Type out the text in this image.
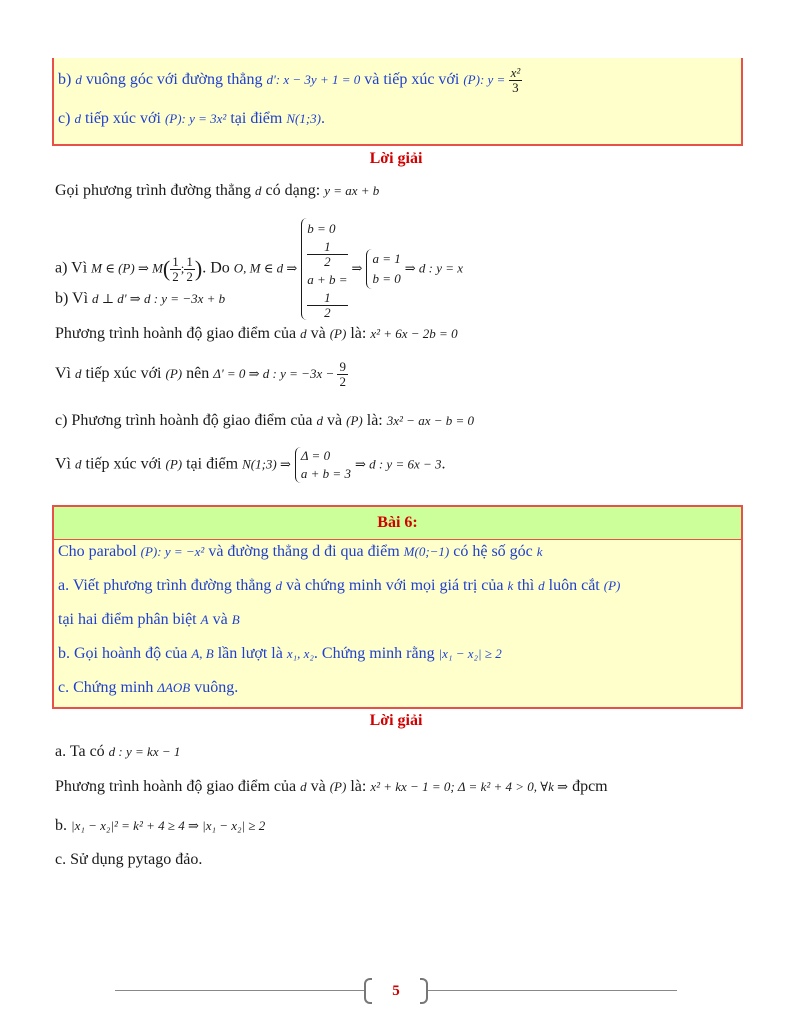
b) d vuông góc với đường thẳng d': x − 3y + 1 = 0 và tiếp xúc với (P): $y = \frac{\text{x²}}{3}$
c) d tiếp xúc với (P): y = 3x² tại điểm N(1;3).
Lời giải
Gọi phương trình đường thẳng d có dạng: y = ax + b
a) Vì M ∈ (P) ⇒ $M( \frac{1}{2}$ ; $\frac{1}{2}$ ). Do O, M ∈ d ⇒
b = 0
1
2
a + b =
1
2
⇒
a = 1
b = 0
⇒ d : y = x
b) Vì d ⊥ d' ⇒ d : y = −3x + b
Phương trình hoành độ giao điểm của d và (P) là: x² + 6x − 2b = 0
Vì d tiếp xúc với (P) nên Δ' = 0 ⇒ d : $y = -3x - \frac{9}{2}$
c) Phương trình hoành độ giao điểm của d và (P) là: 3x² − ax − b = 0
Vì d tiếp xúc với (P) tại điểm N(1;3) ⇒
Δ = 0
a + b = 3
⇒ d : y = 6x − 3.
Bài 6:
Cho parabol (P): y = −x² và đường thẳng d đi qua điểm M(0;−1) có hệ số góc k
a. Viết phương trình đường thẳng d và chứng minh với mọi giá trị của k thì d luôn cắt (P)
tại hai điểm phân biệt A và B
b. Gọi hoành độ của A, B lần lượt là x₁, x₂. Chứng minh rằng |x₁ − x₂| ≥ 2
c. Chứng minh ΔAOB vuông.
Lời giải
a. Ta có d : y = kx − 1
Phương trình hoành độ giao điểm của d và (P) là: x² + kx − 1 = 0; Δ = k² + 4 > 0, ∀k ⇒ đpcm
b. |x₁ − x₂|² = k² + 4 ≥ 4 ⇒ |x₁ − x₂| ≥ 2
c. Sử dụng pytago đảo.
5
